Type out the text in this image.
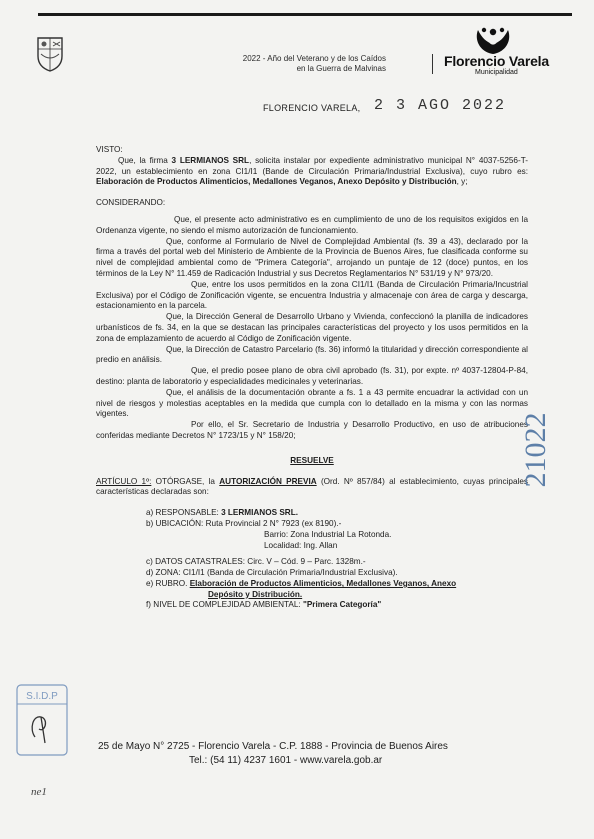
2022 - Año del Veterano y de los Caídos
en la Guerra de Malvinas	Florencio Varela
Municipalidad
FLORENCIO VARELA, 2 3 AGO 2022

VISTO:

Que, la firma 3 LERMIANOS SRL, solicita instalar por expediente administrativo municipal N° 4037-5256-T-2022, un establecimiento en zona CI1/I1 (Bande de Circulación Primaria/Industrial Exclusiva), cuyo rubro es: Elaboración de Productos Alimenticios, Medallones Veganos, Anexo Depósito y Distribución, y;

CONSIDERANDO:

Que, el presente acto administrativo es en cumplimiento de uno de los requisitos exigidos en la Ordenanza vigente, no siendo el mismo autorización de funcionamiento.

Que, conforme al Formulario de Nivel de Complejidad Ambiental (fs. 39 a 43), declarado por la firma a través del portal web del Ministerio de Ambiente de la Provincia de Buenos Aires, fue clasificada conforme su nivel de complejidad ambiental como de "Primera Categoría", arrojando un puntaje de 12 (doce) puntos, en los términos de la Ley N° 11.459 de Radicación Industrial y sus Decretos Reglamentarios N° 531/19 y N° 973/20.

Que, entre los usos permitidos en la zona CI1/I1 (Banda de Circulación Primaria/Incustrial Exclusiva) por el Código de Zonificación vigente, se encuentra Industria y almacenaje con área de carga y descarga, estacionamiento en la parcela.

Que, la Dirección General de Desarrollo Urbano y Vivienda, confeccionó la planilla de indicadores urbanísticos de fs. 34, en la que se destacan las principales características del proyecto y los usos permitidos en la zona de emplazamiento de acuerdo al Código de Zonificación vigente.

Que, la Dirección de Catastro Parcelario (fs. 36) informó la titularidad y dirección correspondiente al predio en análisis.

Que, el predio posee plano de obra civil aprobado (fs. 31), por expte. nº 4037-12804-P-84, destino: planta de laboratorio y especialidades medicinales y veterinarias.

Que, el análisis de la documentación obrante a fs. 1 a 43 permite encuadrar la actividad con un nivel de riesgos y molestias aceptables en la medida que cumpla con lo detallado en la misma y con las normas vigentes.

Por ello, el Sr. Secretario de Industria y Desarrollo Productivo, en uso de atribuciones conferidas mediante Decretos N° 1723/15 y N° 158/20;

RESUELVE

ARTÍCULO 1º: OTÓRGASE, la AUTORIZACIÓN PREVIA (Ord. Nº 857/84) al establecimiento, cuyas principales características declaradas son:

a) RESPONSABLE: 3 LERMIANOS SRL.
b) UBICACIÓN: Ruta Provincial 2 N° 7923 (ex 8190).-
Barrio: Zona Industrial La Rotonda.
Localidad: Ing. Allan
c) DATOS CATASTRALES: Circ. V – Cód. 9 – Parc. 1328m.-
d) ZONA: CI1/I1 (Banda de Circulación Primaria/Industrial Exclusiva).
e) RUBRO. Elaboración de Productos Alimenticios, Medallones Veganos, Anexo
Depósito y Distribución.
f) NIVEL DE COMPLEJIDAD AMBIENTAL: "Primera Categoría"
21022
S.I.D.P
ne1
25 de Mayo N° 2725 - Florencio Varela - C.P. 1888 - Provincia de Buenos Aires
Tel.: (54 11) 4237 1601 - www.varela.gob.ar
